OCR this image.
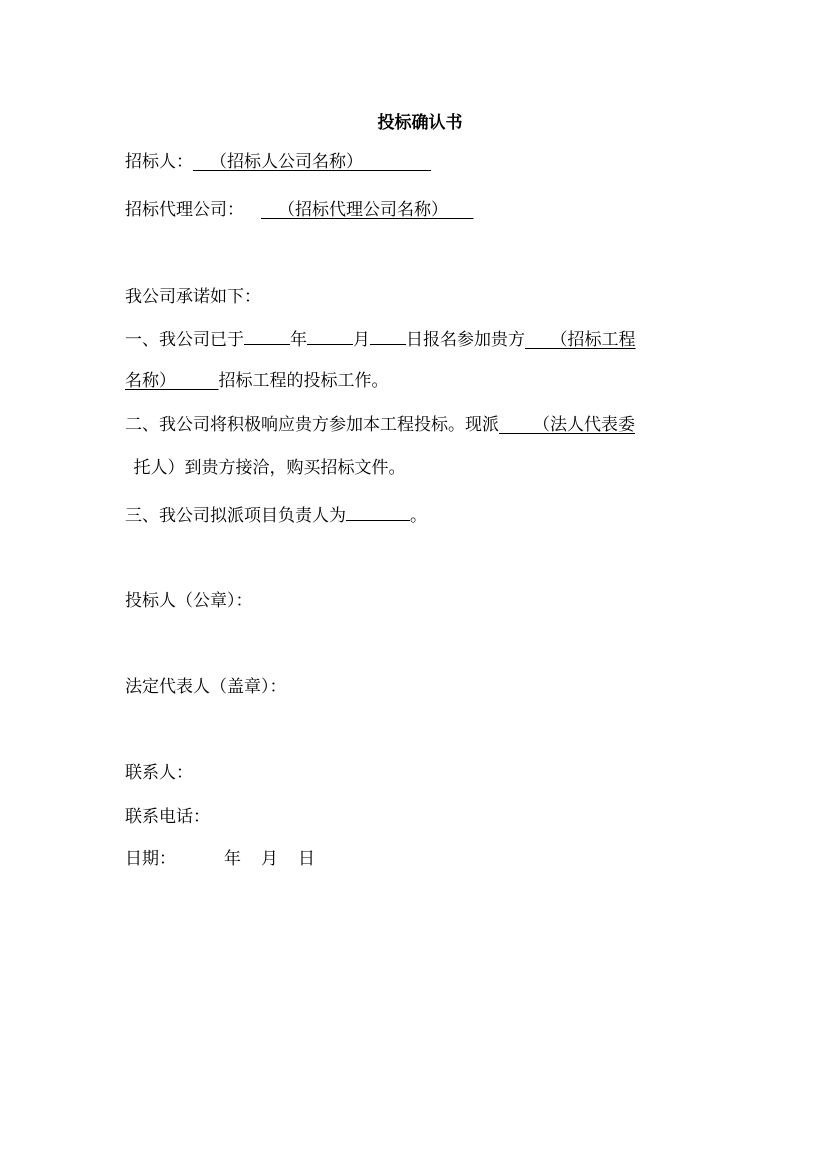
投标确认书
招标人：   （招标人公司名称）        
招标代理公司：     （招标代理公司名称）   
我公司承诺如下：
一、我公司已于	年	月 日报名参加贵方    （招标工程
名称）     	招标工程的投标工作。
二、我公司将积极响应贵方参加本工程投标。现派     （法人代表委
 托人）到贵方接洽，购买招标文件。
三、我公司拟派项目负责人为	。
投标人（公章）：
法定代表人（盖章）：
联系人：
联系电话：
日期：	年 月 日
